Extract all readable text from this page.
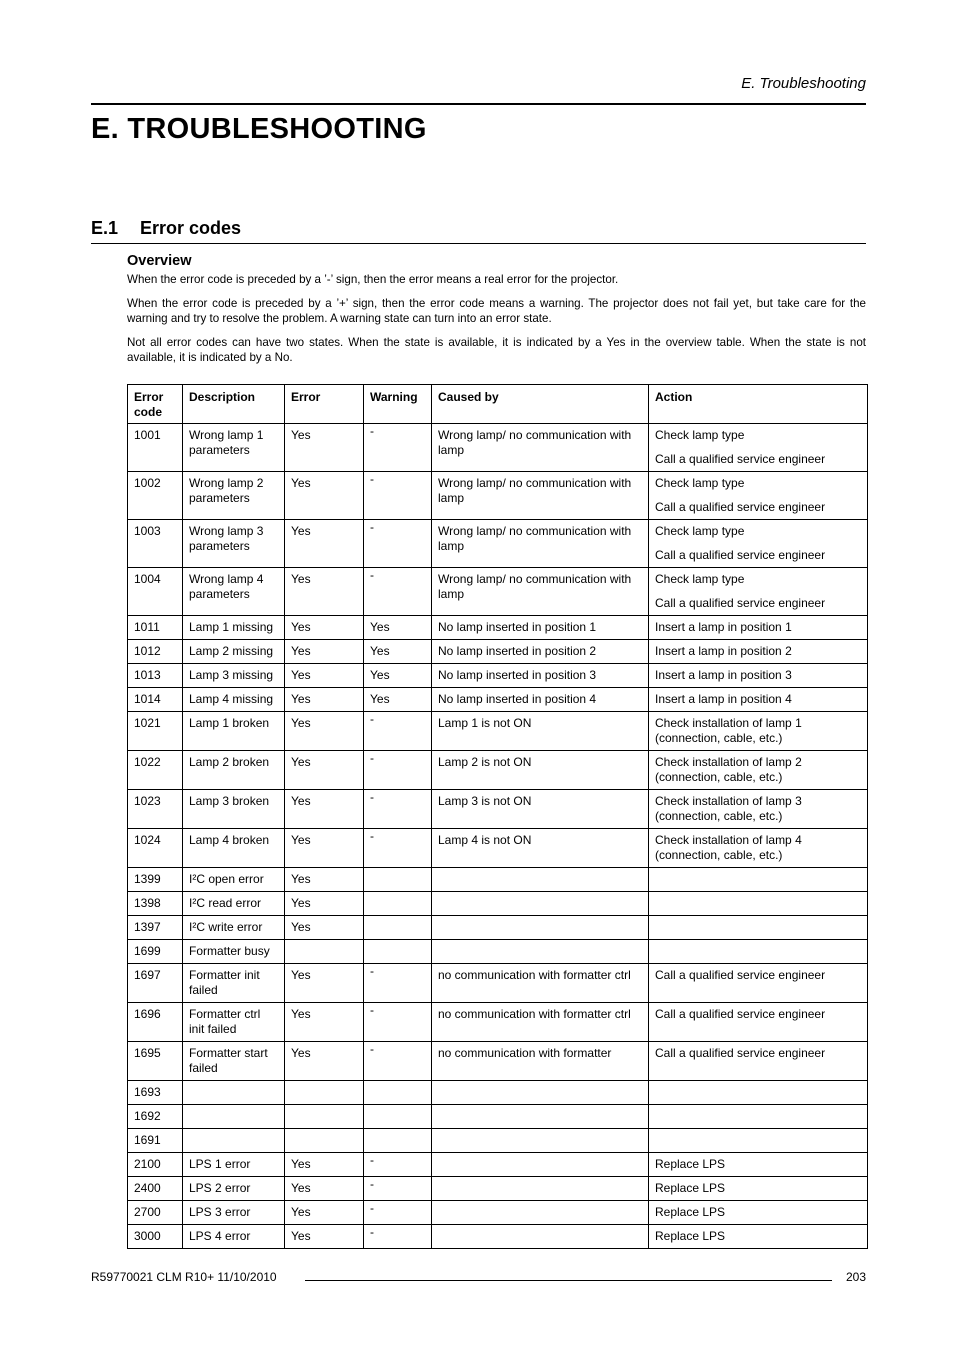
E. Troubleshooting
E. TROUBLESHOOTING
E.1 Error codes
Overview

When the error code is preceded by a ’-’ sign, then the error means a real error for the projector.

When the error code is preceded by a ’+’ sign, then the error code means a warning. The projector does not fail yet, but take care for the warning and try to resolve the problem. A warning state can turn into an error state.

Not all error codes can have two states. When the state is available, it is indicated by a Yes in the overview table. When the state is not available, it is indicated by a No.

Error code	Description	Error	Warning	Caused by	Action
1001	Wrong lamp 1 parameters	Yes	-	Wrong lamp/ no communication with lamp	Check lamp type
Call a qualified service engineer

1002	Wrong lamp 2 parameters	Yes	-	Wrong lamp/ no communication with lamp	Check lamp type
Call a qualified service engineer

1003	Wrong lamp 3 parameters	Yes	-	Wrong lamp/ no communication with lamp	Check lamp type
Call a qualified service engineer

1004	Wrong lamp 4 parameters	Yes	-	Wrong lamp/ no communication with lamp	Check lamp type
Call a qualified service engineer

1011	Lamp 1 missing	Yes	Yes	No lamp inserted in position 1	Insert a lamp in position 1

1012	Lamp 2 missing	Yes	Yes	No lamp inserted in position 2	Insert a lamp in position 2

1013	Lamp 3 missing	Yes	Yes	No lamp inserted in position 3	Insert a lamp in position 3

1014	Lamp 4 missing	Yes	Yes	No lamp inserted in position 4	Insert a lamp in position 4

1021	Lamp 1 broken	Yes	-	Lamp 1 is not ON	Check installation of lamp 1 (connection, cable, etc.)

1022	Lamp 2 broken	Yes	-	Lamp 2 is not ON	Check installation of lamp 2 (connection, cable, etc.)

1023	Lamp 3 broken	Yes	-	Lamp 3 is not ON	Check installation of lamp 3 (connection, cable, etc.)

1024	Lamp 4 broken	Yes	-	Lamp 4 is not ON	Check installation of lamp 4 (connection, cable, etc.)

1399	I²C open error	Yes			
1398	I²C read error	Yes			
1397	I²C write error	Yes			
1699	Formatter busy				
1697	Formatter init failed	Yes	-	no communication with formatter ctrl	Call a qualified service engineer

1696	Formatter ctrl init failed	Yes	-	no communication with formatter ctrl	Call a qualified service engineer

1695	Formatter start failed	Yes	-	no communication with formatter	Call a qualified service engineer

1693					
1692					
1691					
2100	LPS 1 error	Yes	-		Replace LPS

2400	LPS 2 error	Yes	-		Replace LPS

2700	LPS 3 error	Yes	-		Replace LPS

3000	LPS 4 error	Yes	-		Replace LPS
R59770021 CLM R10+ 11/10/2010	203
